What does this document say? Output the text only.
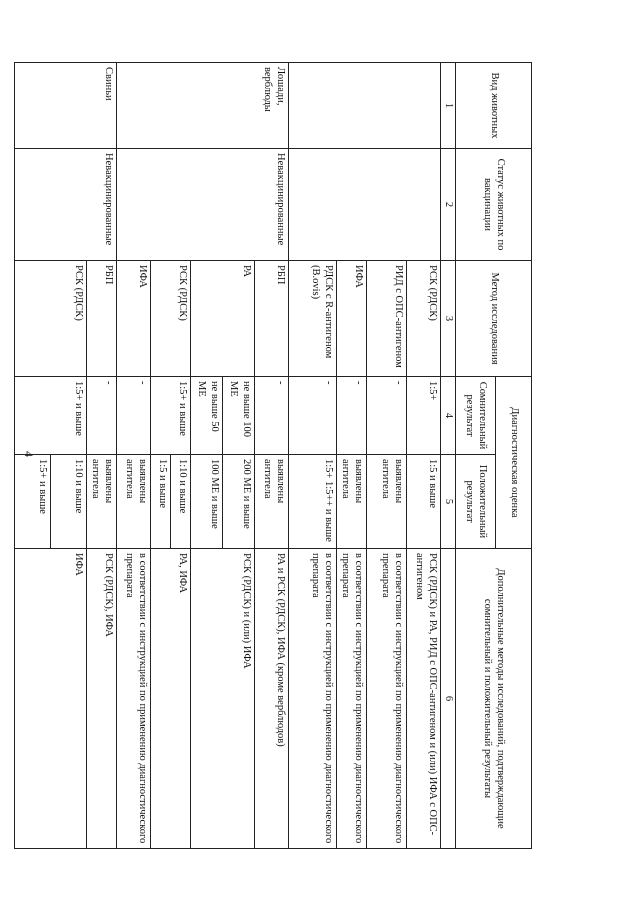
4
Вид животных	Статус животных по вакцинации	Метод исследования	Диагностическая оценка		Дополнительные методы исследований, подтверждающие сомнительный и положительный результаты
			Сомнительный результат	Положительный результат	
1	2	3	4	5	6
		РСК (РДСК)	1:5+	1:5 и выше	РСК (РДСК) и РА, РИД с ОПС-антигеном и (или) ИФА с ОПС-антигеном
		РИД с ОПС-антигеном	-	выявлены антитела	в соответствии с инструкцией по применению диагностического препарата
		ИФА	-	выявлены антитела	в соответствии с инструкцией по применению диагностического препарата
		РДСК с R-антигеном (B.ovis)	-	1:5+ 1:5++ и выше	в соответствии с инструкцией по применению диагностического препарата
Лошади, верблюды	Невакцинированные	РБП	-	выявлены антитела	РА и РСК (РДСК), ИФА (кроме верблюдов)
		РА	не выше 100 МЕ	200 МЕ и выше	РСК (РДСК) и (или) ИФА
			не выше 50 МЕ	100 МЕ и выше	
		РСК (РДСК)	1:5+ и выше	1:10 и выше	РА, ИФА
				1:5 и выше	
		ИФА	-	выявлены антитела	в соответствии с инструкцией по применению диагностического препарата
Свиньи	Невакцинированные	РБП	-	выявлены антитела	РСК (РДСК), ИФА
		РСК (РДСК)	1:5+ и выше	1:10 и выше	ИФА
				1:5+ и выше	
